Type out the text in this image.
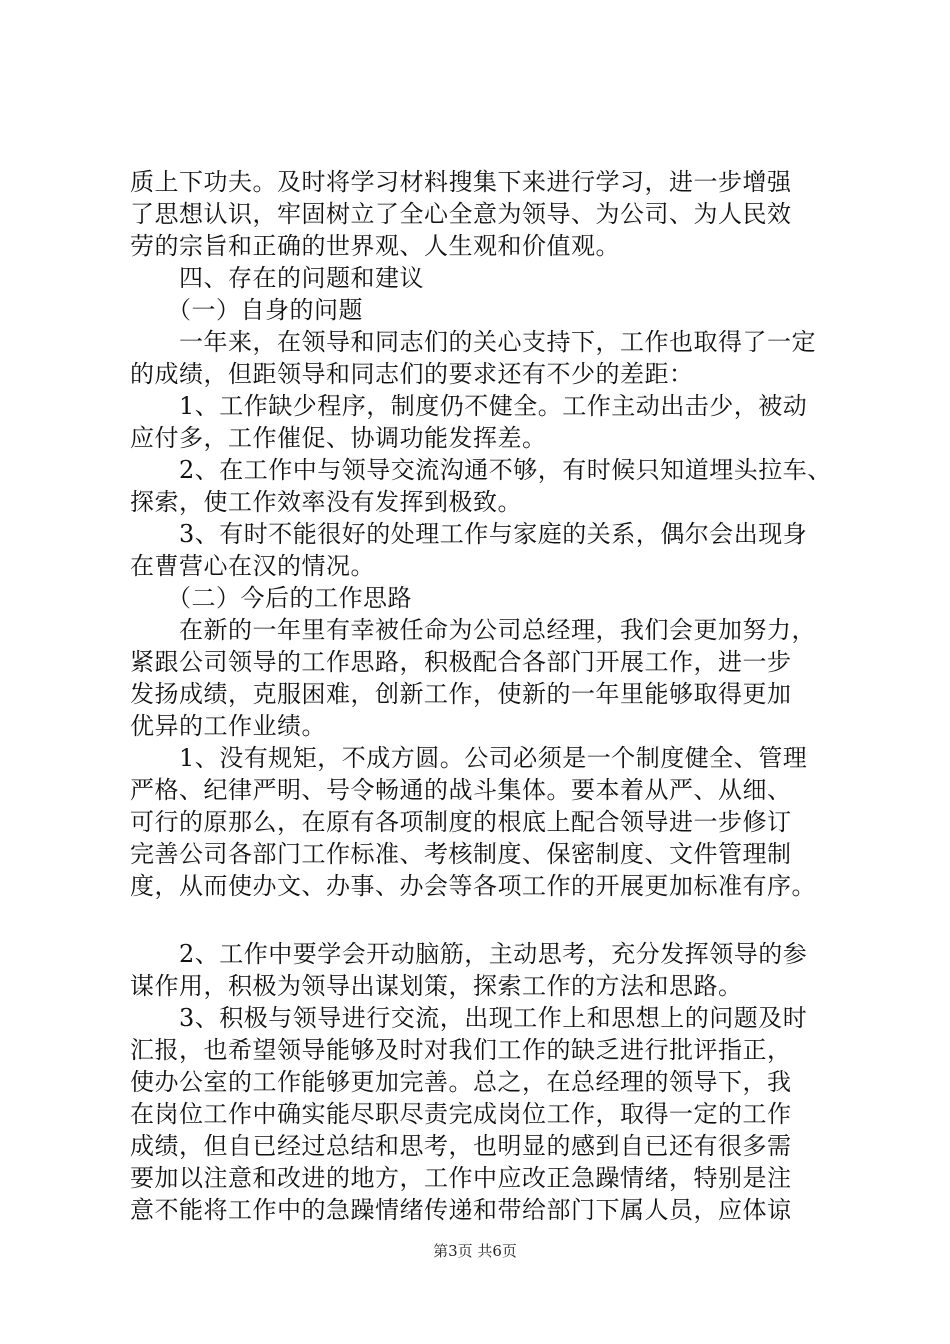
质上下功夫。及时将学习材料搜集下来进行学习，进一步增强
了思想认识，牢固树立了全心全意为领导、为公司、为人民效
劳的宗旨和正确的世界观、人生观和价值观。
　　四、存在的问题和建议
　　（一）自身的问题
　　一年来，在领导和同志们的关心支持下，工作也取得了一定
的成绩，但距领导和同志们的要求还有不少的差距：
　　1、工作缺少程序，制度仍不健全。工作主动出击少，被动
应付多，工作催促、协调功能发挥差。
　　2、在工作中与领导交流沟通不够，有时候只知道埋头拉车、
探索，使工作效率没有发挥到极致。
　　3、有时不能很好的处理工作与家庭的关系，偶尔会出现身
在曹营心在汉的情况。
　　（二）今后的工作思路
　　在新的一年里有幸被任命为公司总经理，我们会更加努力，
紧跟公司领导的工作思路，积极配合各部门开展工作，进一步
发扬成绩，克服困难，创新工作，使新的一年里能够取得更加
优异的工作业绩。
　　1、没有规矩，不成方圆。公司必须是一个制度健全、管理
严格、纪律严明、号令畅通的战斗集体。要本着从严、从细、
可行的原那么，在原有各项制度的根底上配合领导进一步修订
完善公司各部门工作标准、考核制度、保密制度、文件管理制
度，从而使办文、办事、办会等各项工作的开展更加标准有序。
　　2、工作中要学会开动脑筋，主动思考，充分发挥领导的参
谋作用，积极为领导出谋划策，探索工作的方法和思路。
　　3、积极与领导进行交流，出现工作上和思想上的问题及时
汇报，也希望领导能够及时对我们工作的缺乏进行批评指正，
使办公室的工作能够更加完善。总之，在总经理的领导下，我
在岗位工作中确实能尽职尽责完成岗位工作，取得一定的工作
成绩，但自已经过总结和思考，也明显的感到自已还有很多需
要加以注意和改进的地方，工作中应改正急躁情绪，特别是注
意不能将工作中的急躁情绪传递和带给部门下属人员，应体谅
第3页 共6页
